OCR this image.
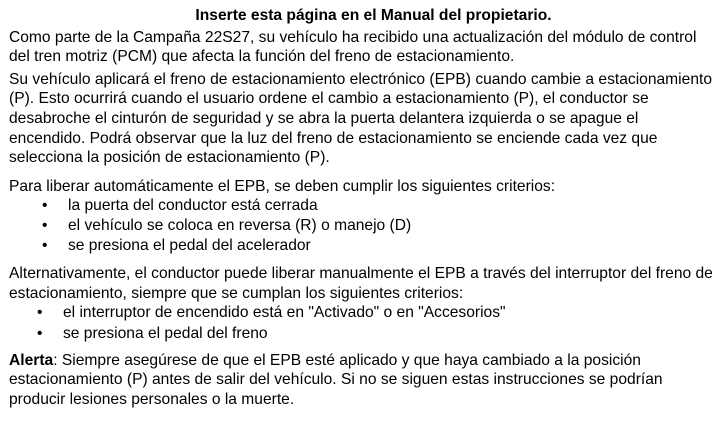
Inserte esta página en el Manual del propietario.

Como parte de la Campaña 22S27, su vehículo ha recibido una actualización del módulo de control del tren motriz (PCM) que afecta la función del freno de estacionamiento.

Su vehículo aplicará el freno de estacionamiento electrónico (EPB) cuando cambie a estacionamiento (P). Esto ocurrirá cuando el usuario ordene el cambio a estacionamiento (P), el conductor se desabroche el cinturón de seguridad y se abra la puerta delantera izquierda o se apague el encendido. Podrá observar que la luz del freno de estacionamiento se enciende cada vez que selecciona la posición de estacionamiento (P).

Para liberar automáticamente el EPB, se deben cumplir los siguientes criterios:

• la puerta del conductor está cerrada
• el vehículo se coloca en reversa (R) o manejo (D)
• se presiona el pedal del acelerador

Alternativamente, el conductor puede liberar manualmente el EPB a través del interruptor del freno de estacionamiento, siempre que se cumplan los siguientes criterios:

• el interruptor de encendido está en "Activado" o en "Accesorios"
• se presiona el pedal del freno

Alerta: Siempre asegúrese de que el EPB esté aplicado y que haya cambiado a la posición estacionamiento (P) antes de salir del vehículo. Si no se siguen estas instrucciones se podrían producir lesiones personales o la muerte.
